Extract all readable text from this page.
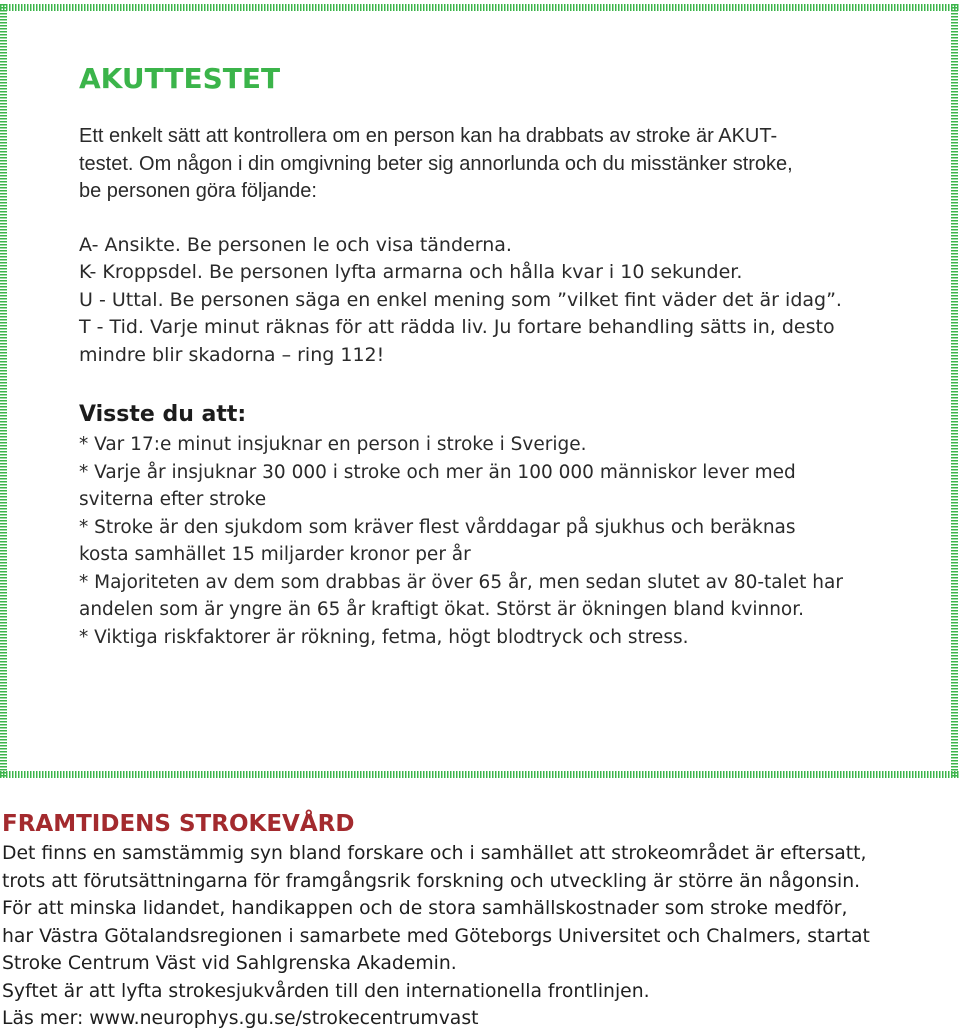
AKUTTESTET

Ett enkelt sätt att kontrollera om en person kan ha drabbats av stroke är AKUT-

testet. Om någon i din omgivning beter sig annorlunda och du misstänker stroke,

be personen göra följande:

A- Ansikte. Be personen le och visa tänderna.

K- Kroppsdel. Be personen lyfta armarna och hålla kvar i 10 sekunder.

U - Uttal. Be personen säga en enkel mening som ”vilket fint väder det är idag”.

T - Tid. Varje minut räknas för att rädda liv. Ju fortare behandling sätts in, desto

mindre blir skadorna – ring 112!

Visste du att:

* Var 17:e minut insjuknar en person i stroke i Sverige.

* Varje år insjuknar 30 000 i stroke och mer än 100 000 människor lever med

sviterna efter stroke

* Stroke är den sjukdom som kräver flest vårddagar på sjukhus och beräknas

kosta samhället 15 miljarder kronor per år

* Majoriteten av dem som drabbas är över 65 år, men sedan slutet av 80-talet har

andelen som är yngre än 65 år kraftigt ökat. Störst är ökningen bland kvinnor.

* Viktiga riskfaktorer är rökning, fetma, högt blodtryck och stress.

FRAMTIDENS STROKEVÅRD

Det finns en samstämmig syn bland forskare och i samhället att strokeområdet är eftersatt,

trots att förutsättningarna för framgångsrik forskning och utveckling är större än någonsin.

För att minska lidandet, handikappen och de stora samhällskostnader som stroke medför,

har Västra Götalandsregionen i samarbete med Göteborgs Universitet och Chalmers, startat

Stroke Centrum Väst vid Sahlgrenska Akademin.

Syftet är att lyfta strokesjukvården till den internationella frontlinjen.

Läs mer: www.neurophys.gu.se/strokecentrumvast
